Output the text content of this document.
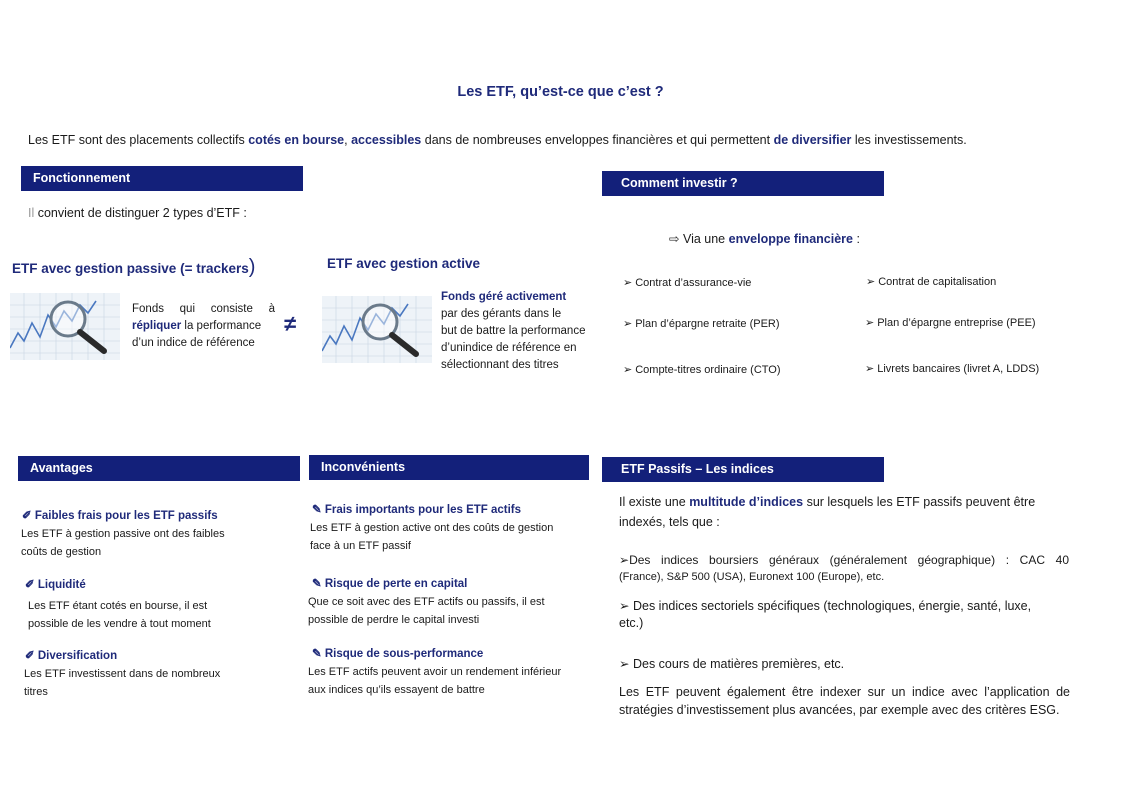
Les ETF, qu’est-ce que c’est ?
Les ETF sont des placements collectifs cotés en bourse, accessibles dans de nombreuses enveloppes financières et qui permettent de diversifier les investissements.
Fonctionnement
Il convient de distinguer 2 types d’ETF :
ETF avec gestion passive (= trackers)
Fonds qui consiste à
répliquer la performance
d’un indice de référence
≠
ETF avec gestion active
Fonds géré activement
par des gérants dans le
but de battre la performance
d’unindice de référence en
sélectionnant des titres
Comment investir ?
⇨ Via une enveloppe financière :
➢ Contrat d’assurance-vie	➢ Contrat de capitalisation
➢ Plan d’épargne retraite (PER)	➢ Plan d’épargne entreprise (PEE)
➢ Compte-titres ordinaire (CTO)	➢ Livrets bancaires (livret A, LDDS)
Avantages
✐ Faibles frais pour les ETF passifs
Les ETF à gestion passive ont des faibles
coûts de gestion
✐ Liquidité
Les ETF étant cotés en bourse, il est
possible de les vendre à tout moment
✐ Diversification
Les ETF investissent dans de nombreux
titres
Inconvénients
✎ Frais importants pour les ETF actifs
Les ETF à gestion active ont des coûts de gestion
face à un ETF passif
✎ Risque de perte en capital
Que ce soit avec des ETF actifs ou passifs, il est
possible de perdre le capital investi
✎ Risque de sous-performance
Les ETF actifs peuvent avoir un rendement inférieur
aux indices qu’ils essayent de battre
ETF Passifs – Les indices
Il existe une multitude d’indices sur lesquels les ETF passifs peuvent être
indexés, tels que :
➢Des indices boursiers généraux (généralement géographique) : CAC 40
(France), S&P 500 (USA), Euronext 100 (Europe), etc.
➢ Des indices sectoriels spécifiques (technologiques, énergie, santé, luxe,
etc.)
➢ Des cours de matières premières, etc.
Les ETF peuvent également être indexer sur un indice avec l’application de stratégies d’investissement plus avancées, par exemple avec des critères ESG.
